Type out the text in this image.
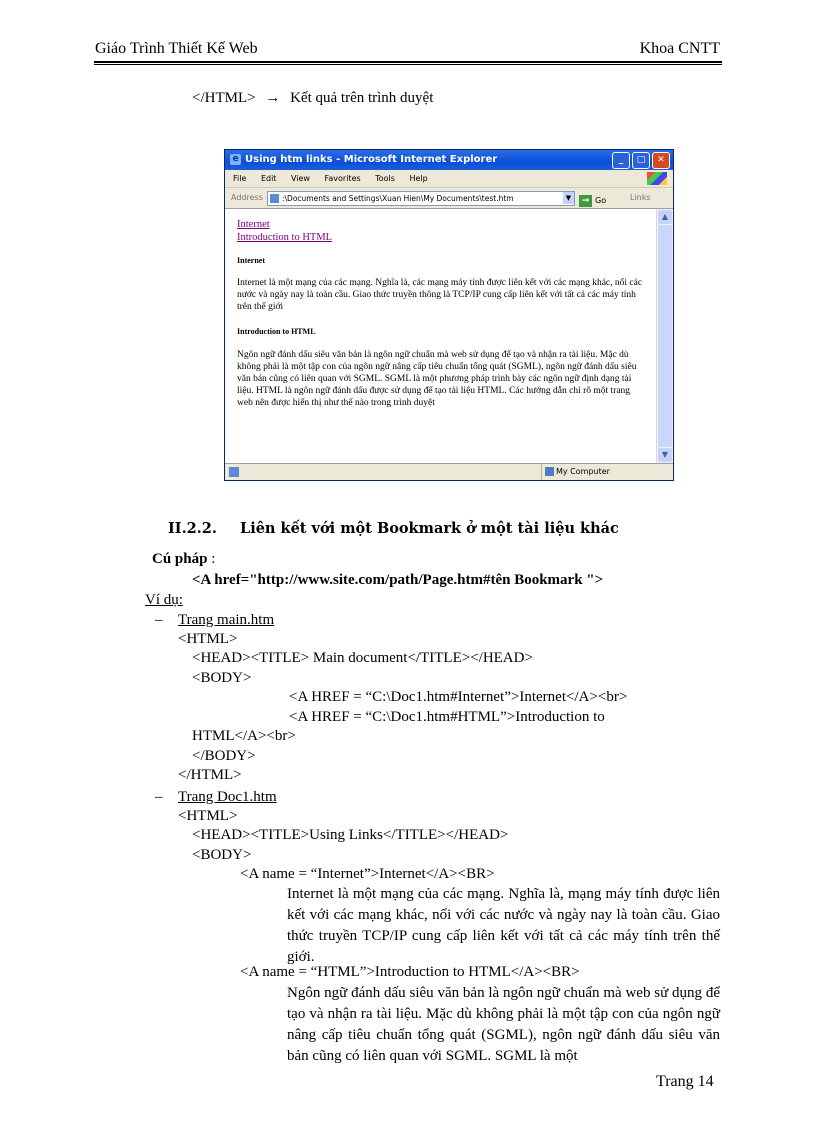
Giáo Trình Thiết Kế Web	Khoa CNTT
</HTML> → Kết quả trên trình duyệt
e Using htm links - Microsoft Internet Explorer	_	□	✕
File Edit View Favorites Tools Help
Address	:\Documents and Settings\Xuan Hien\My Documents\test.htm	▼	→ Go	Links
Internet
Introduction to HTML
Internet

Internet là một mạng của các mạng. Nghĩa là, các mạng máy tính được liên kết với các mạng khác, nối các nước và ngày nay là toàn cầu. Giao thức truyền thông là TCP/IP cung cấp liên kết với tất cả các máy tính trên thế giới

Introduction to HTML

Ngôn ngữ đánh dấu siêu văn bản là ngôn ngữ chuẩn mà web sử dụng để tạo và nhận ra tài liệu. Mặc dù không phải là một tập con của ngôn ngữ nâng cấp tiêu chuẩn tổng quát (SGML), ngôn ngữ đánh dấu siêu văn bản cũng có liên quan với SGML. SGML là một phương pháp trình bày các ngôn ngữ định dạng tài liệu. HTML là ngôn ngữ đánh dấu được sử dụng để tạo tài liệu HTML. Các hướng dẫn chỉ rõ một trang web nên được hiển thị như thế nào trong trình duyệt

▲
▼
My Computer
II.2.2. Liên kết với một Bookmark ở một tài liệu khác
Cú pháp :
<A href="http://www.site.com/path/Page.htm#tên Bookmark ">
Ví dụ:
– Trang main.htm
<HTML>
<HEAD><TITLE> Main document</TITLE></HEAD>
<BODY>
<A HREF = “C:\Doc1.htm#Internet”>Internet</A><br>
<A HREF = “C:\Doc1.htm#HTML”>Introduction to
HTML</A><br>
</BODY>
</HTML>
– Trang Doc1.htm
<HTML>
<HEAD><TITLE>Using Links</TITLE></HEAD>
<BODY>
<A name = “Internet”>Internet</A><BR>
Internet là một mạng của các mạng. Nghĩa là, mạng máy tính được liên kết với các mạng khác, nối với các nước và ngày nay là toàn cầu. Giao thức truyền TCP/IP cung cấp liên kết với tất cả các máy tính trên thế giới.
<A name = “HTML”>Introduction to HTML</A><BR>
Ngôn ngữ đánh dấu siêu văn bản là ngôn ngữ chuẩn mà web sử dụng để tạo và nhận ra tài liệu. Mặc dù không phải là một tập con của ngôn ngữ nâng cấp tiêu chuẩn tổng quát (SGML), ngôn ngữ đánh dấu siêu văn bản cũng có liên quan với SGML. SGML là một
Trang 14
